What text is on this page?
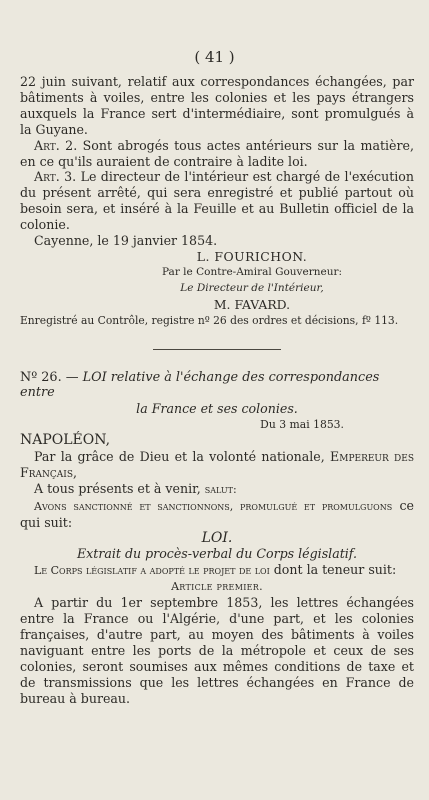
( 41 )

22 juin suivant, relatif aux correspondances échangées, par bâtiments à voiles, entre les colonies et les pays étrangers auxquels la France sert d'intermédiaire, sont promulgués à la Guyane.

Art. 2. Sont abrogés tous actes antérieurs sur la matière, en ce qu'ils auraient de contraire à ladite loi.

Art. 3. Le directeur de l'intérieur est chargé de l'exécution du présent arrêté, qui sera enregistré et publié partout où besoin sera, et inséré à la Feuille et au Bulletin officiel de la colonie.

Cayenne, le 19 janvier 1854.

L. FOURICHON.

Par le Contre-Amiral Gouverneur:

Le Directeur de l'Intérieur,

M. FAVARD.

Enregistré au Contrôle, registre nº 26 des ordres et décisions, fº 113.

Nº 26. — LOI relative à l'échange des correspondances entre

la France et ses colonies.

Du 3 mai 1853.

NAPOLÉON,

Par la grâce de Dieu et la volonté nationale, Empereur des Français,

A tous présents et à venir, salut:

Avons sanctionné et sanctionnons, promulgué et promulguons ce qui suit:

LOI.

Extrait du procès-verbal du Corps législatif.

Le Corps législatif a adopté le projet de loi dont la teneur suit:

Article premier.

A partir du 1er septembre 1853, les lettres échangées entre la France ou l'Algérie, d'une part, et les colonies françaises, d'autre part, au moyen des bâtiments à voiles naviguant entre les ports de la métropole et ceux de ses colonies, seront soumises aux mêmes conditions de taxe et de transmissions que les lettres échangées en France de bureau à bureau.
